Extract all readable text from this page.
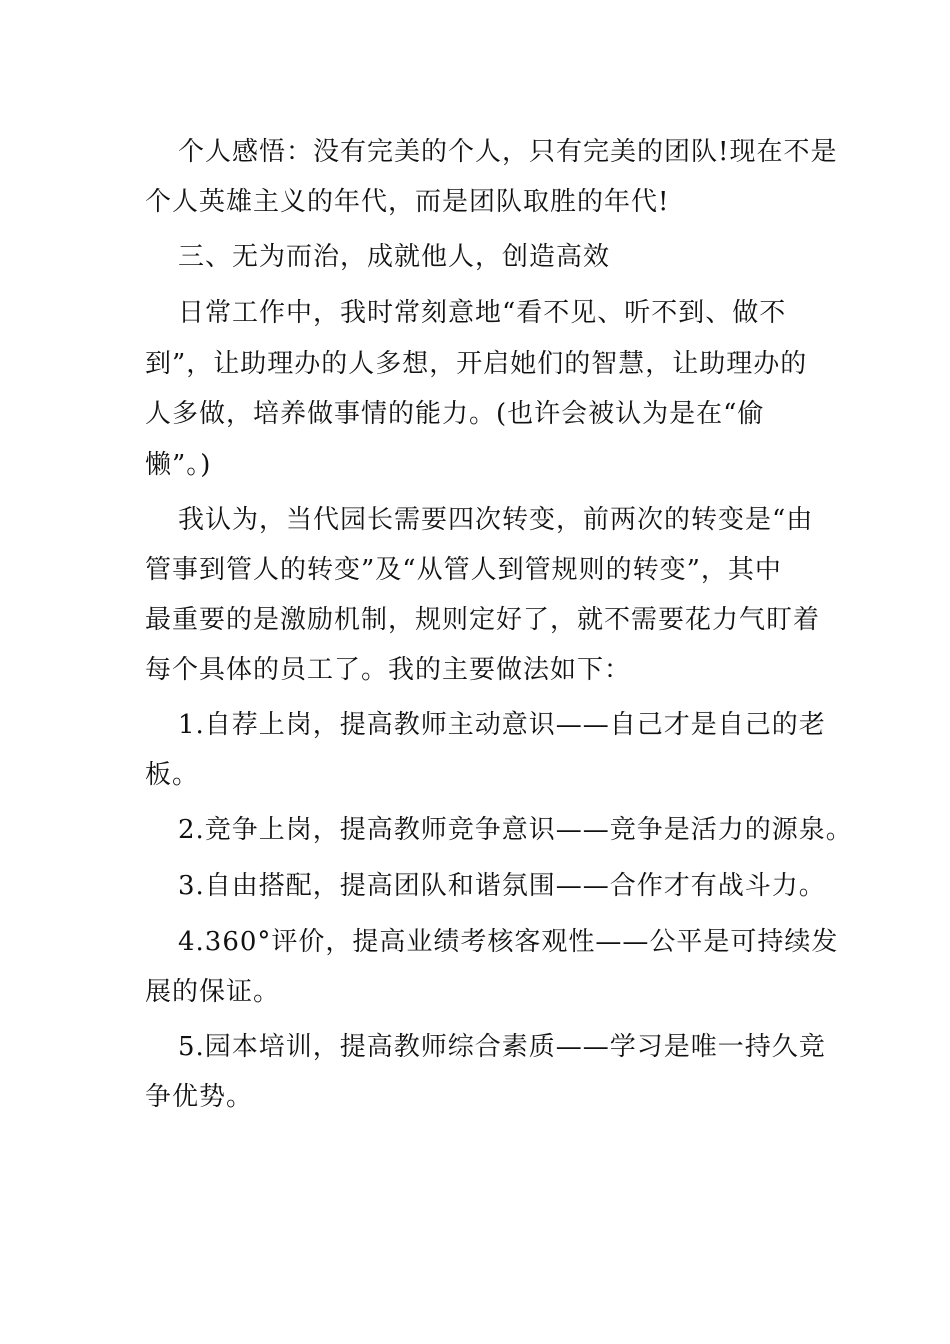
个人感悟：没有完美的个人，只有完美的团队!现在不是
个人英雄主义的年代，而是团队取胜的年代!
三、无为而治，成就他人，创造高效
日常工作中，我时常刻意地“看不见、听不到、做不
到”，让助理办的人多想，开启她们的智慧，让助理办的
人多做，培养做事情的能力。(也许会被认为是在“偷
懒”。)
我认为，当代园长需要四次转变，前两次的转变是“由
管事到管人的转变”及“从管人到管规则的转变”，其中
最重要的是激励机制，规则定好了，就不需要花力气盯着
每个具体的员工了。我的主要做法如下：
1.自荐上岗，提高教师主动意识——自己才是自己的老
板。
2.竞争上岗，提高教师竞争意识——竞争是活力的源泉。
3.自由搭配，提高团队和谐氛围——合作才有战斗力。
4.360°评价，提高业绩考核客观性——公平是可持续发
展的保证。
5.园本培训，提高教师综合素质——学习是唯一持久竞
争优势。
